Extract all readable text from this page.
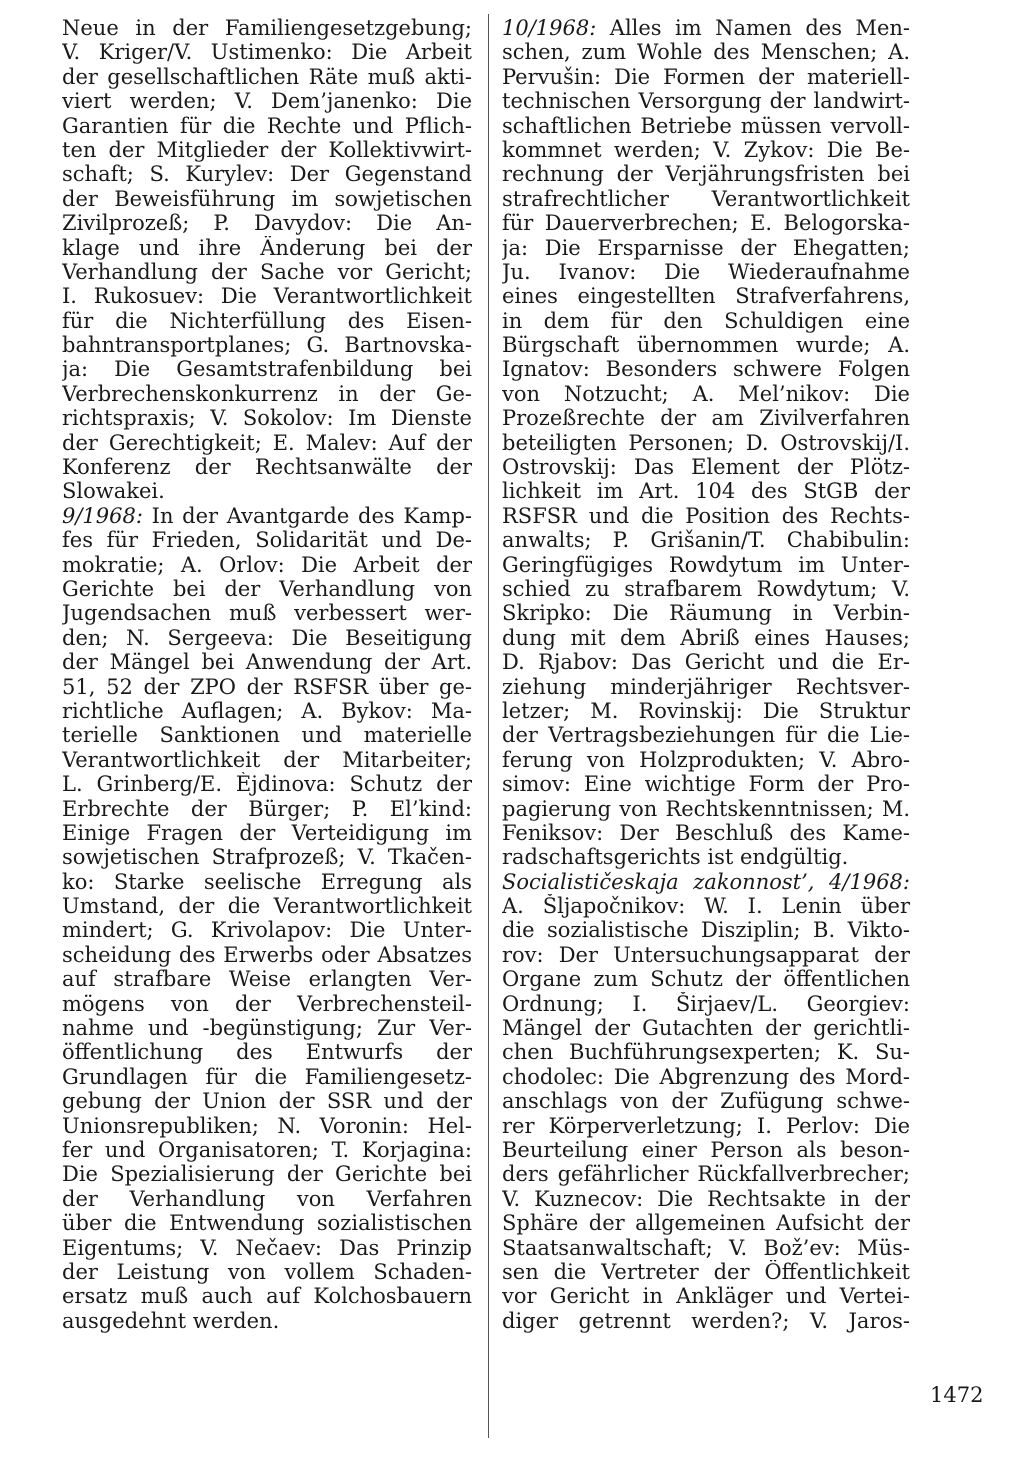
Neue in der Familiengesetzgebung;
V. Kriger/V. Ustimenko: Die Arbeit
der gesellschaftlichen Räte muß akti-
viert werden; V. Dem’janenko: Die
Garantien für die Rechte und Pflich-
ten der Mitglieder der Kollektivwirt-
schaft; S. Kurylev: Der Gegenstand
der Beweisführung im sowjetischen
Zivilprozeß; P. Davydov: Die An-
klage und ihre Änderung bei der
Verhandlung der Sache vor Gericht;
I. Rukosuev: Die Verantwortlichkeit
für die Nichterfüllung des Eisen-
bahntransportplanes; G. Bartnovska-
ja: Die Gesamtstrafenbildung bei
Verbrechenskonkurrenz in der Ge-
richtspraxis; V. Sokolov: Im Dienste
der Gerechtigkeit; E. Malev: Auf der
Konferenz der Rechtsanwälte der
Slowakei.
9/1968: In der Avantgarde des Kamp-
fes für Frieden, Solidarität und De-
mokratie; A. Orlov: Die Arbeit der
Gerichte bei der Verhandlung von
Jugendsachen muß verbessert wer-
den; N. Sergeeva: Die Beseitigung
der Mängel bei Anwendung der Art.
51, 52 der ZPO der RSFSR über ge-
richtliche Auflagen; A. Bykov: Ma-
terielle Sanktionen und materielle
Verantwortlichkeit der Mitarbeiter;
L. Grinberg/E. Èjdinova: Schutz der
Erbrechte der Bürger; P. El’kind:
Einige Fragen der Verteidigung im
sowjetischen Strafprozeß; V. Tkačen-
ko: Starke seelische Erregung als
Umstand, der die Verantwortlichkeit
mindert; G. Krivolapov: Die Unter-
scheidung des Erwerbs oder Absatzes
auf strafbare Weise erlangten Ver-
mögens von der Verbrechensteil-
nahme und -begünstigung; Zur Ver-
öffentlichung des Entwurfs der
Grundlagen für die Familiengesetz-
gebung der Union der SSR und der
Unionsrepubliken; N. Voronin: Hel-
fer und Organisatoren; T. Korjagina:
Die Spezialisierung der Gerichte bei
der Verhandlung von Verfahren
über die Entwendung sozialistischen
Eigentums; V. Nečaev: Das Prinzip
der Leistung von vollem Schaden-
ersatz muß auch auf Kolchosbauern
ausgedehnt werden.
10/1968: Alles im Namen des Men-
schen, zum Wohle des Menschen; A.
Pervušin: Die Formen der materiell-
technischen Versorgung der landwirt-
schaftlichen Betriebe müssen vervoll-
kommnet werden; V. Zykov: Die Be-
rechnung der Verjährungsfristen bei
strafrechtlicher Verantwortlichkeit
für Dauerverbrechen; E. Belogorska-
ja: Die Ersparnisse der Ehegatten;
Ju. Ivanov: Die Wiederaufnahme
eines eingestellten Strafverfahrens,
in dem für den Schuldigen eine
Bürgschaft übernommen wurde; A.
Ignatov: Besonders schwere Folgen
von Notzucht; A. Mel’nikov: Die
Prozeßrechte der am Zivilverfahren
beteiligten Personen; D. Ostrovskij/I.
Ostrovskij: Das Element der Plötz-
lichkeit im Art. 104 des StGB der
RSFSR und die Position des Rechts-
anwalts; P. Grišanin/T. Chabibulin:
Geringfügiges Rowdytum im Unter-
schied zu strafbarem Rowdytum; V.
Skripko: Die Räumung in Verbin-
dung mit dem Abriß eines Hauses;
D. Rjabov: Das Gericht und die Er-
ziehung minderjähriger Rechtsver-
letzer; M. Rovinskij: Die Struktur
der Vertragsbeziehungen für die Lie-
ferung von Holzprodukten; V. Abro-
simov: Eine wichtige Form der Pro-
pagierung von Rechtskenntnissen; M.
Feniksov: Der Beschluß des Kame-
radschaftsgerichts ist endgültig.
Socialističeskaja zakonnost’, 4/1968:
A. Šljapočnikov: W. I. Lenin über
die sozialistische Disziplin; B. Vikto-
rov: Der Untersuchungsapparat der
Organe zum Schutz der öffentlichen
Ordnung; I. Širjaev/L. Georgiev:
Mängel der Gutachten der gerichtli-
chen Buchführungsexperten; K. Su-
chodolec: Die Abgrenzung des Mord-
anschlags von der Zufügung schwe-
rer Körperverletzung; I. Perlov: Die
Beurteilung einer Person als beson-
ders gefährlicher Rückfallverbrecher;
V. Kuznecov: Die Rechtsakte in der
Sphäre der allgemeinen Aufsicht der
Staatsanwaltschaft; V. Bož’ev: Müs-
sen die Vertreter der Öffentlichkeit
vor Gericht in Ankläger und Vertei-
diger getrennt werden?; V. Jaros-
1472
